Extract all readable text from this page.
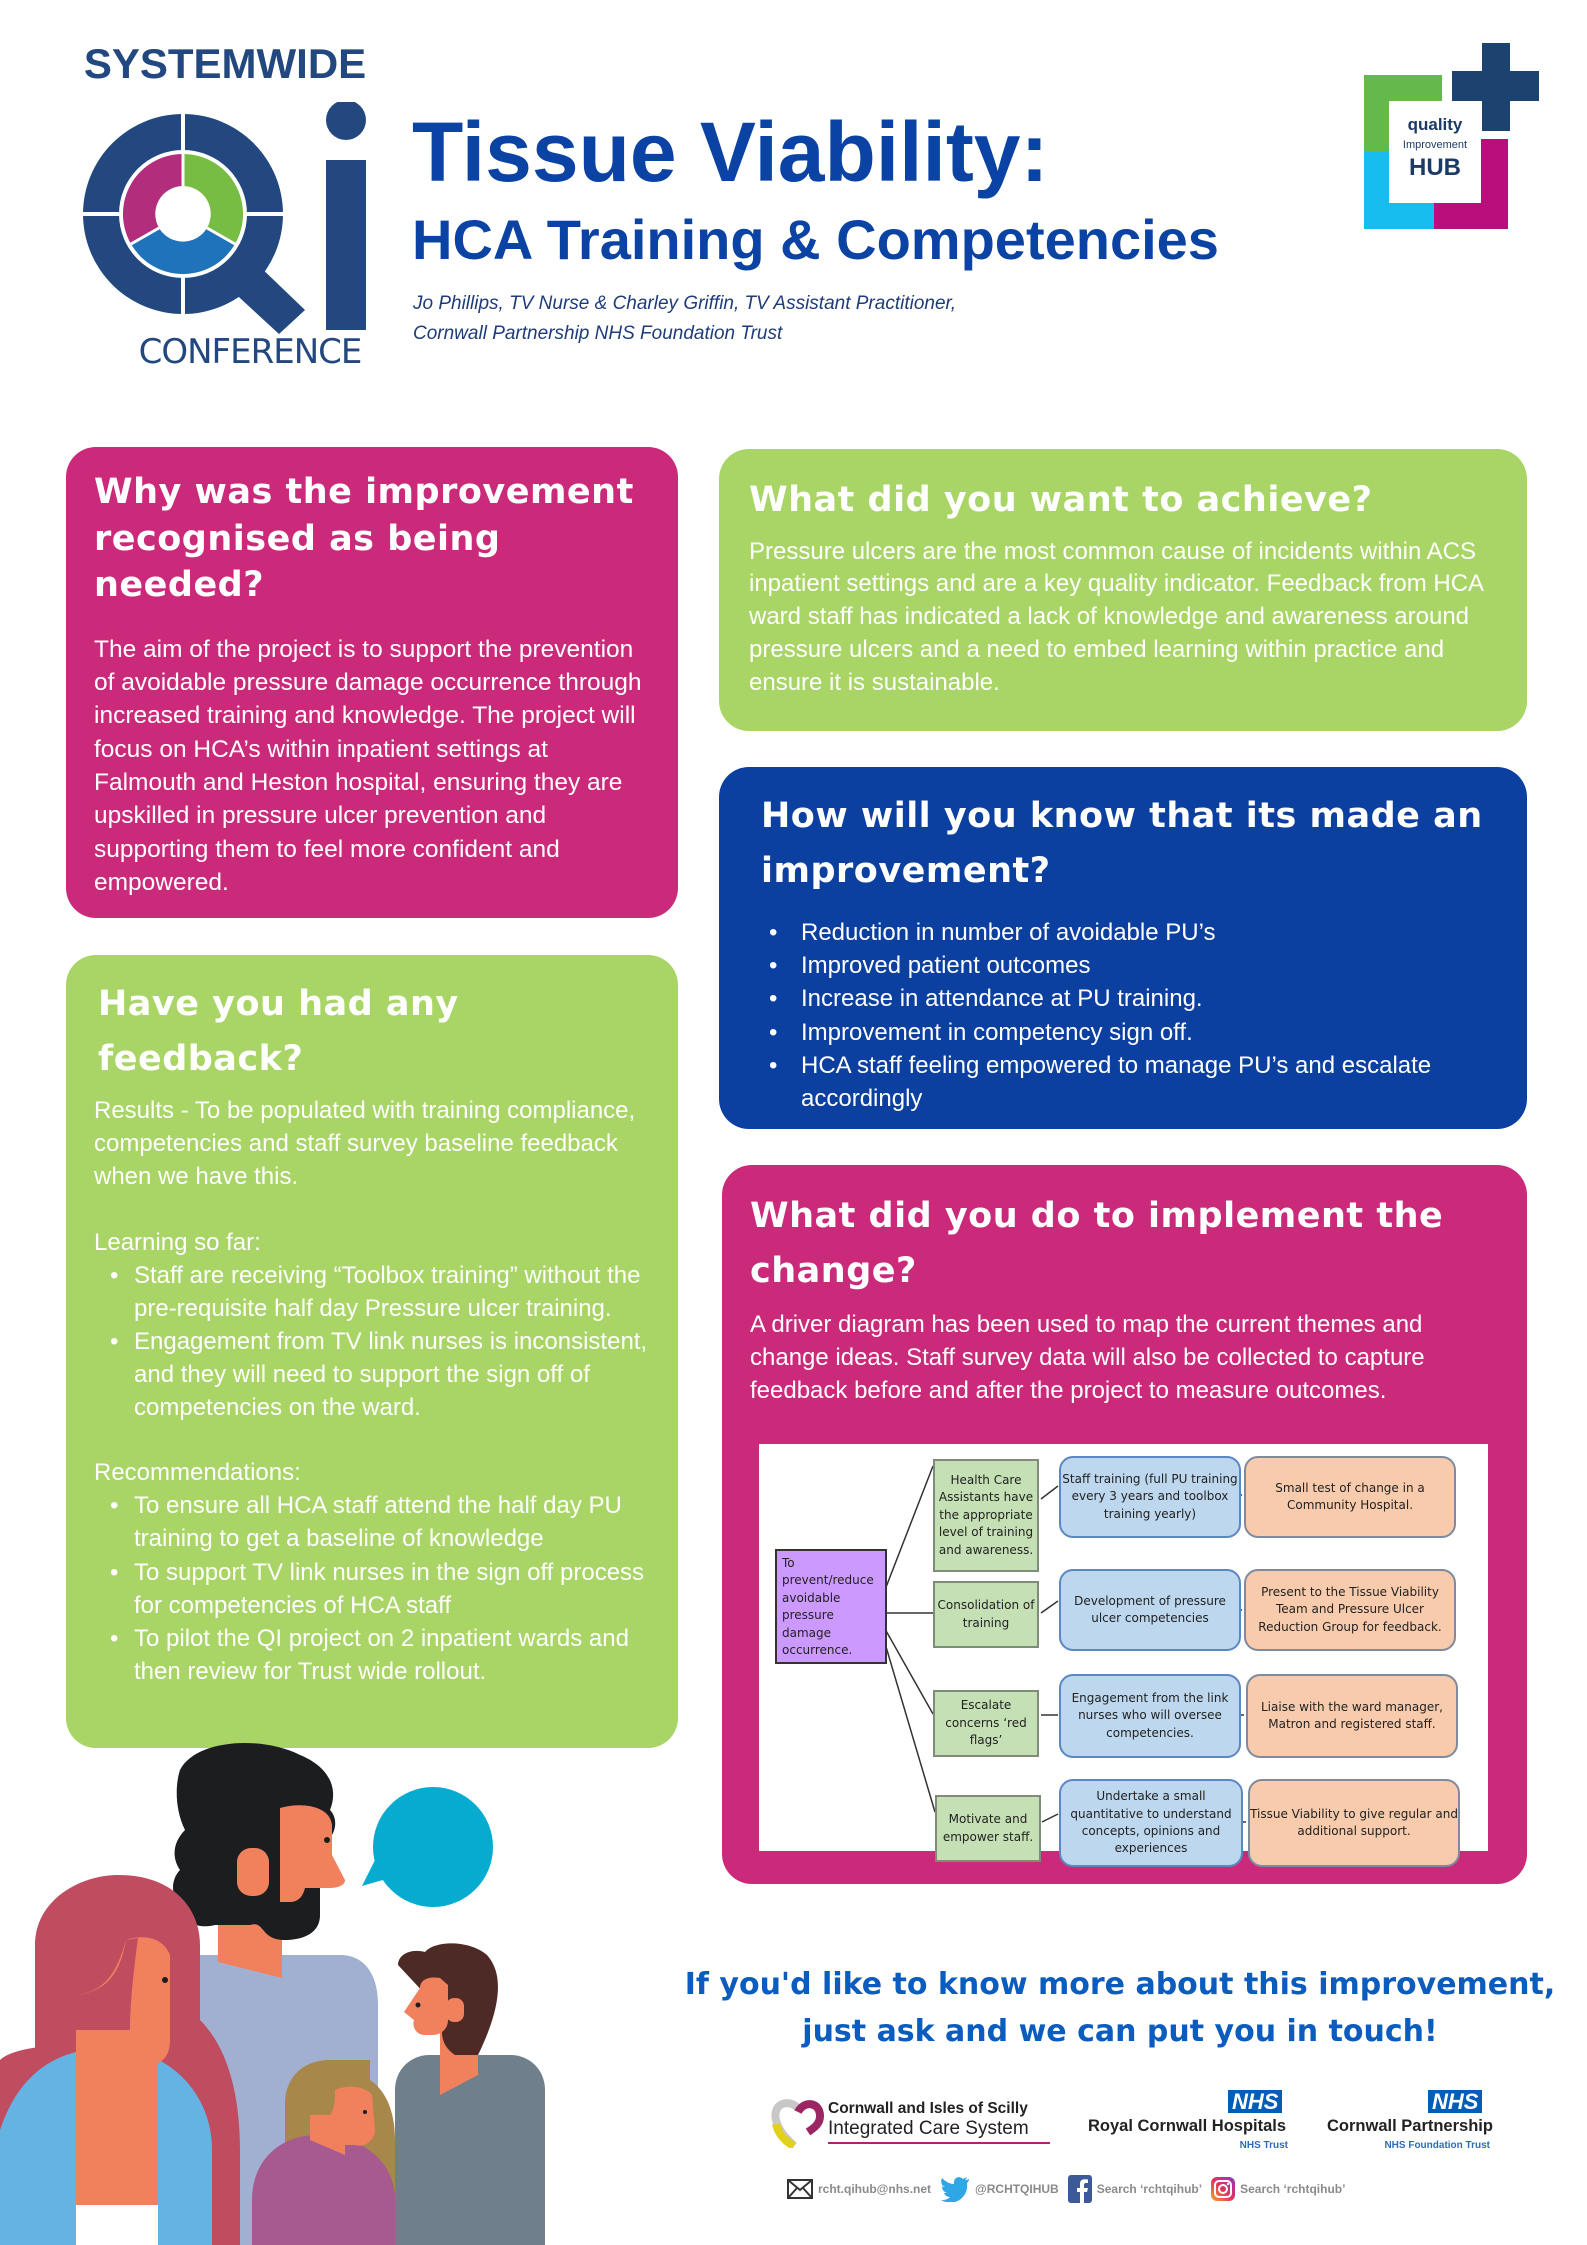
SYSTEMWIDE
CONFERENCE
Tissue Viability:
HCA Training & Competencies
Jo Phillips, TV Nurse & Charley Griffin, TV Assistant Practitioner,
Cornwall Partnership NHS Foundation Trust
quality
Improvement
HUB
Why was the improvement recognised as being needed?

The aim of the project is to support the prevention of avoidable pressure damage occurrence through increased training and knowledge. The project will focus on HCA’s within inpatient settings at Falmouth and Heston hospital, ensuring they are upskilled in pressure ulcer prevention and supporting them to feel more confident and empowered.

What did you want to achieve?

Pressure ulcers are the most common cause of incidents within ACS inpatient settings and are a key quality indicator. Feedback from HCA ward staff has indicated a lack of knowledge and awareness around pressure ulcers and a need to embed learning within practice and ensure it is sustainable.

How will you know that its made an improvement?
• Reduction in number of avoidable PU’s
• Improved patient outcomes
• Increase in attendance at PU training.
• Improvement in competency sign off.
• HCA staff feeling empowered to manage PU’s and escalate accordingly
Have you had any feedback?

Results - To be populated with training compliance, competencies and staff survey baseline feedback when we have this.

Learning so far:

• Staff are receiving “Toolbox training” without the pre-requisite half day Pressure ulcer training.
• Engagement from TV link nurses is inconsistent, and they will need to support the sign off of competencies on the ward.

Recommendations:

• To ensure all HCA staff attend the half day PU training to get a baseline of knowledge
• To support TV link nurses in the sign off process for competencies of HCA staff
• To pilot the QI project on 2 inpatient wards and then review for Trust wide rollout.
What did you do to implement the change?

A driver diagram has been used to map the current themes and change ideas. Staff survey data will also be collected to capture feedback before and after the project to measure outcomes.

To prevent/reduce avoidable pressure damage occurrence.
Health Care Assistants have the appropriate level of training and awareness.
Consolidation of training
Escalate concerns ‘red flags’
Motivate and empower staff.
Staff training (full PU training every 3 years and toolbox training yearly)
Development of pressure ulcer competencies
Engagement from the link nurses who will oversee competencies.
Undertake a small quantitative to understand concepts, opinions and experiences
Small test of change in a Community Hospital.
Present to the Tissue Viability Team and Pressure Ulcer Reduction Group for feedback.
Liaise with the ward manager, Matron and registered staff.
Tissue Viability to give regular and additional support.
If you'd like to know more about this improvement,
just ask and we can put you in touch!
Cornwall and Isles of Scilly
Integrated Care System
NHS
Royal Cornwall Hospitals
NHS Trust
NHS
Cornwall Partnership
NHS Foundation Trust
rcht.qihub@nhs.net	@RCHTQIHUB	Search ‘rchtqihub’	Search ‘rchtqihub’
